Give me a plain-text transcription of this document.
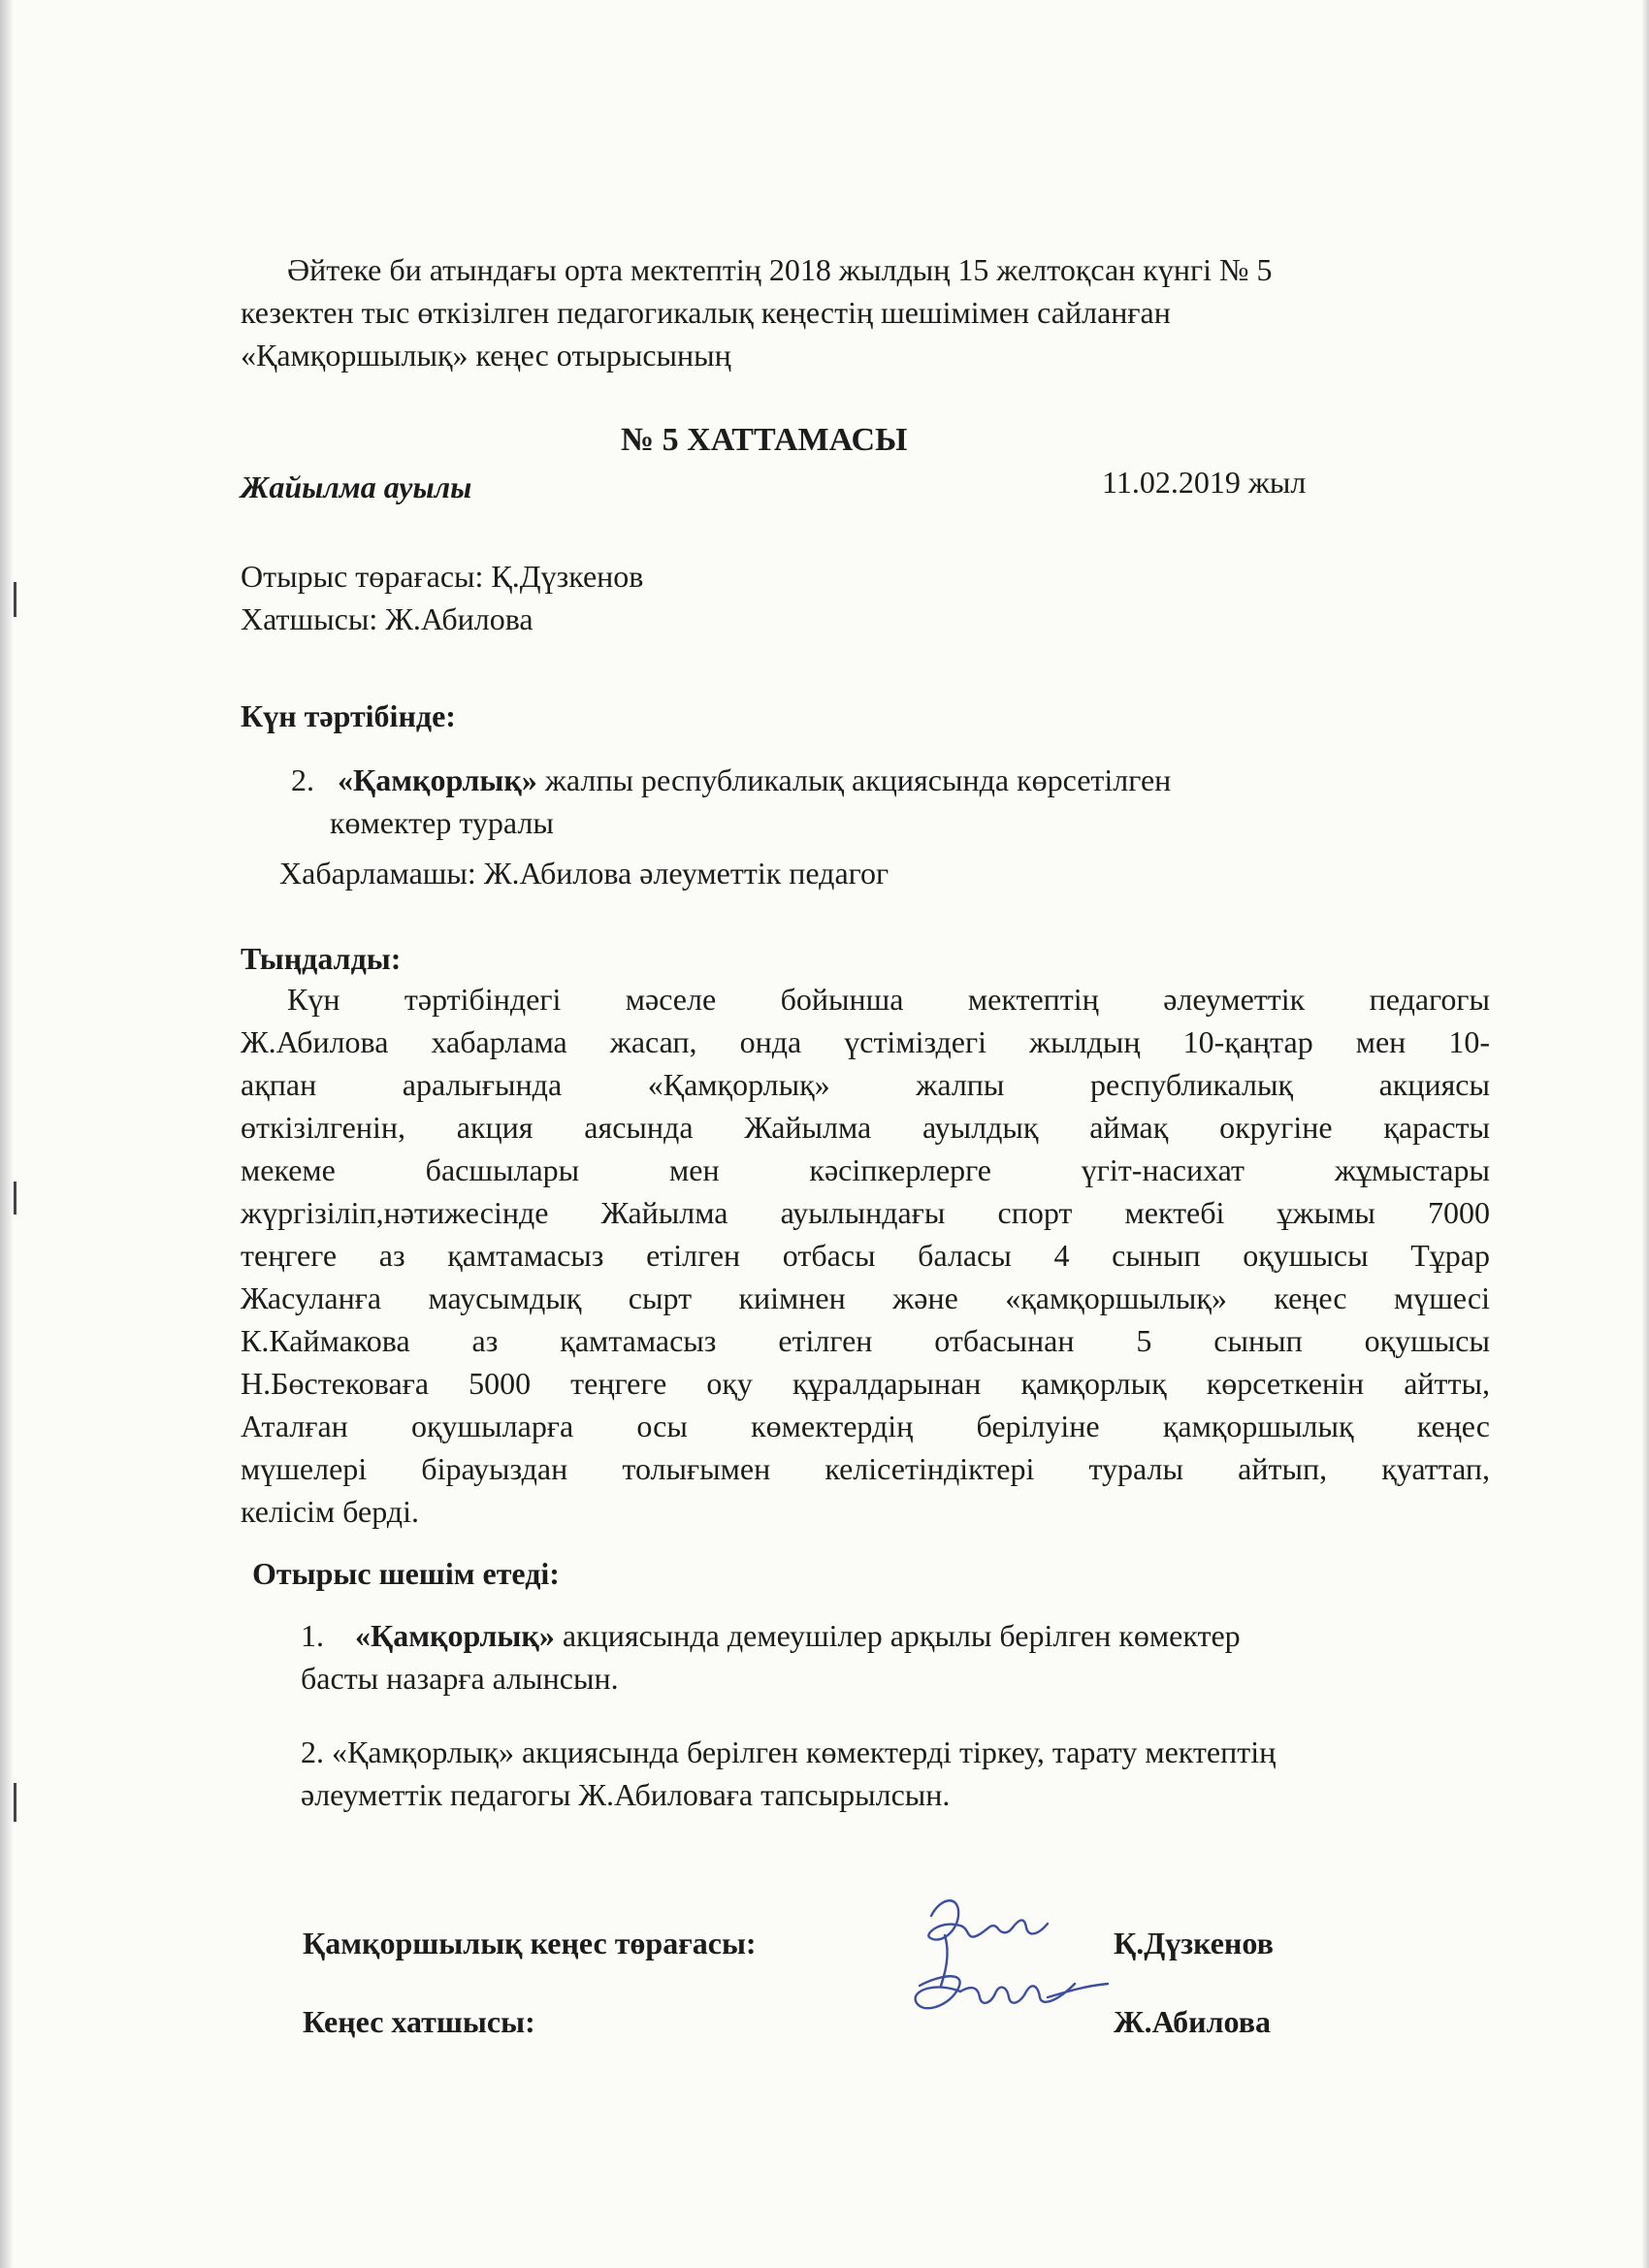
Әйтеке би атындағы орта мектептің 2018 жылдың 15 желтоқсан күнгі № 5
кезектен тыс өткізілген педагогикалық кеңестің шешімімен сайланған
«Қамқоршылық» кеңес отырысының
№ 5 ХАТТАМАСЫ
Жайылма ауылы	11.02.2019 жыл
Отырыс төрағасы: Қ.Дүзкенов
Хатшысы: Ж.Абилова
Күн тәртібінде:
2. «Қамқорлық» жалпы республикалық акциясында көрсетілген
көмектер туралы
Хабарламашы: Ж.Абилова әлеуметтік педагог
Тыңдалды:
Күн тәртібіндегі мәселе бойынша мектептің әлеуметтік педагогы
Ж.Абилова хабарлама жасап, онда үстіміздегі жылдың 10-қаңтар мен 10-
ақпан аралығында «Қамқорлық» жалпы республикалық акциясы
өткізілгенін, акция аясында Жайылма ауылдық аймақ округіне қарасты
мекеме басшылары мен кәсіпкерлерге үгіт-насихат жұмыстары
жүргізіліп,нәтижесінде Жайылма ауылындағы спорт мектебі ұжымы 7000
теңгеге аз қамтамасыз етілген отбасы баласы 4 сынып оқушысы Тұрар
Жасуланға маусымдық сырт киімнен және «қамқоршылық» кеңес мүшесі
К.Каймакова аз қамтамасыз етілген отбасынан 5 сынып оқушысы
Н.Бөстековаға 5000 теңгеге оқу құралдарынан қамқорлық көрсеткенін айтты,
Аталған оқушыларға осы көмектердің берілуіне қамқоршылық кеңес
мүшелері бірауыздан толығымен келісетіндіктері туралы айтып, қуаттап,
келісім берді.
Отырыс шешім етеді:
1. «Қамқорлық» акциясында демеушілер арқылы берілген көмектер
басты назарға алынсын.
2. «Қамқорлық» акциясында берілген көмектерді тіркеу, тарату мектептің
әлеуметтік педагогы Ж.Абиловаға тапсырылсын.
Қамқоршылық кеңес төрағасы:	Қ.Дүзкенов
Кеңес хатшысы:	Ж.Абилова
